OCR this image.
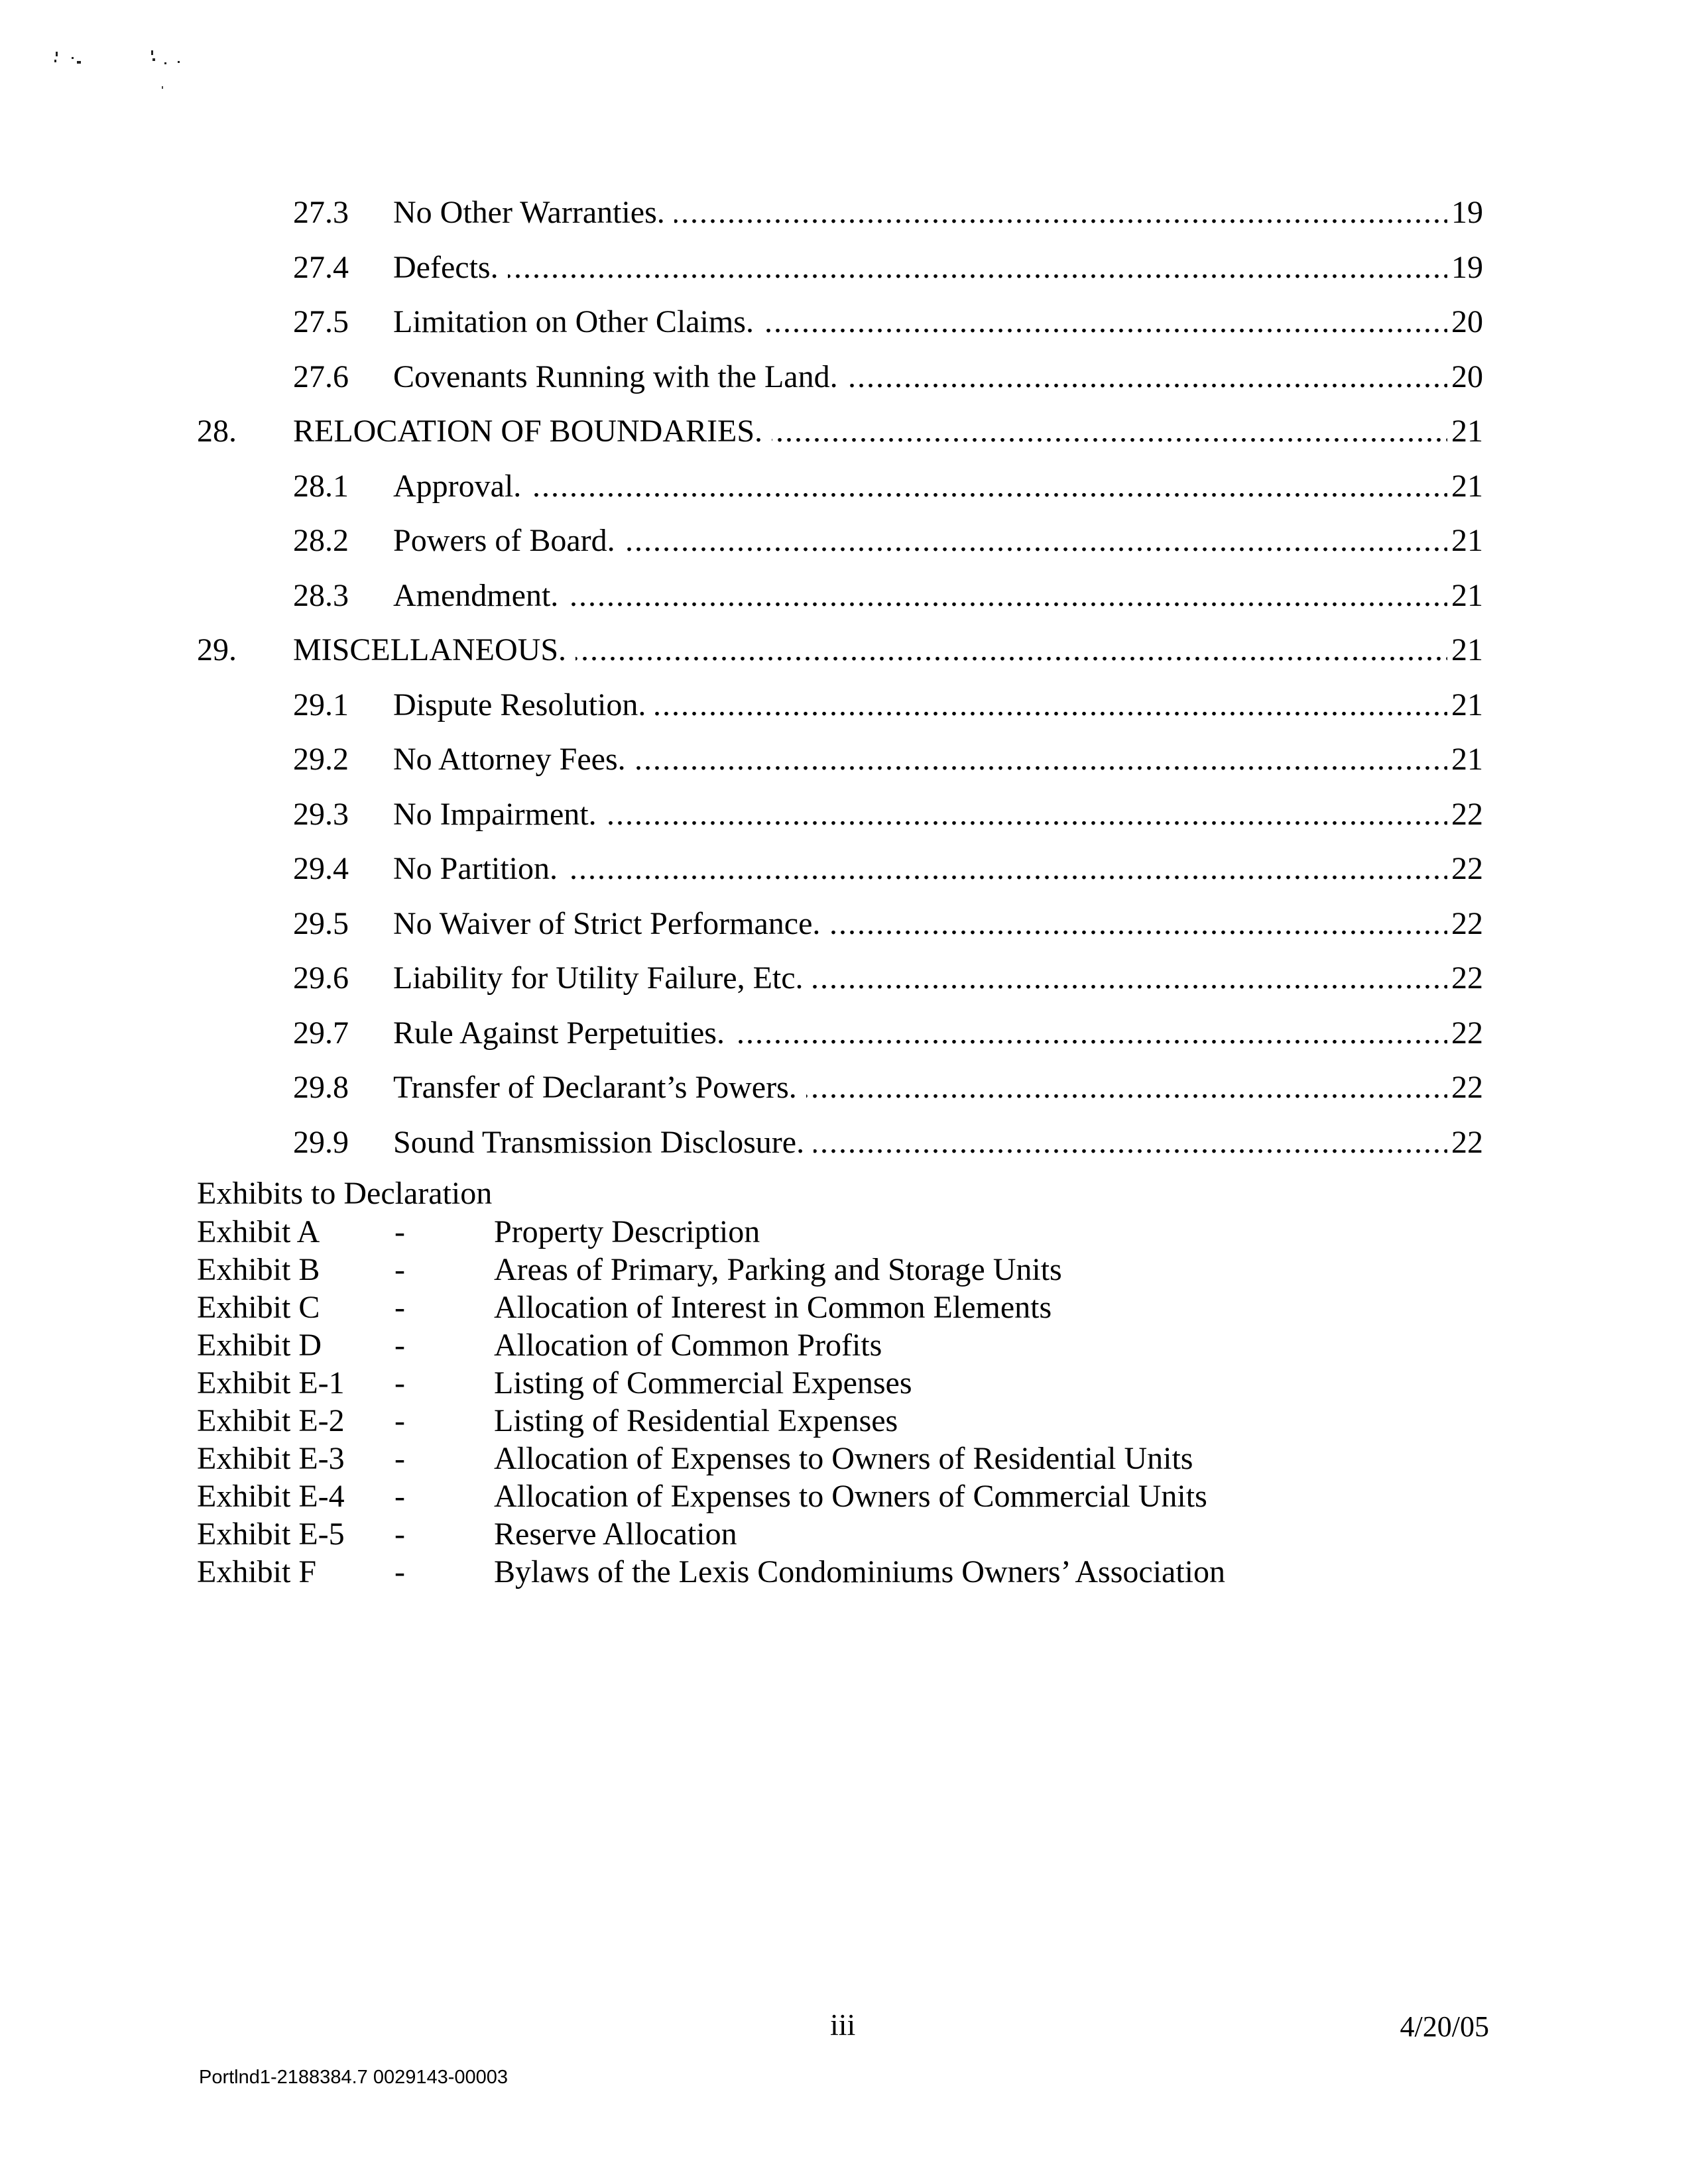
27.3 No Other Warranties. .....	19
27.4 Defects. .....	19
27.5 Limitation on Other Claims. .....	20
27.6 Covenants Running with the Land. .....	20
28. RELOCATION OF BOUNDARIES. .....	21
28.1 Approval. .....	21
28.2 Powers of Board. .....	21
28.3 Amendment. .....	21
29. MISCELLANEOUS. .....	21
29.1 Dispute Resolution. .....	21
29.2 No Attorney Fees. .....	21
29.3 No Impairment. .....	22
29.4 No Partition. .....	22
29.5 No Waiver of Strict Performance. .....	22
29.6 Liability for Utility Failure, Etc. .....	22
29.7 Rule Against Perpetuities. .....	22
29.8 Transfer of Declarant’s Powers. .....	22
29.9 Sound Transmission Disclosure. .....	22
Exhibits to Declaration
Exhibit A -	Property Description
Exhibit B -	Areas of Primary, Parking and Storage Units
Exhibit C -	Allocation of Interest in Common Elements
Exhibit D -	Allocation of Common Profits
Exhibit E-1 -	Listing of Commercial Expenses
Exhibit E-2 -	Listing of Residential Expenses
Exhibit E-3 -	Allocation of Expenses to Owners of Residential Units
Exhibit E-4 -	Allocation of Expenses to Owners of Commercial Units
Exhibit E-5 -	Reserve Allocation
Exhibit F -	Bylaws of the Lexis Condominiums Owners’ Association
iii	4/20/05
Portlnd1-2188384.7 0029143-00003
